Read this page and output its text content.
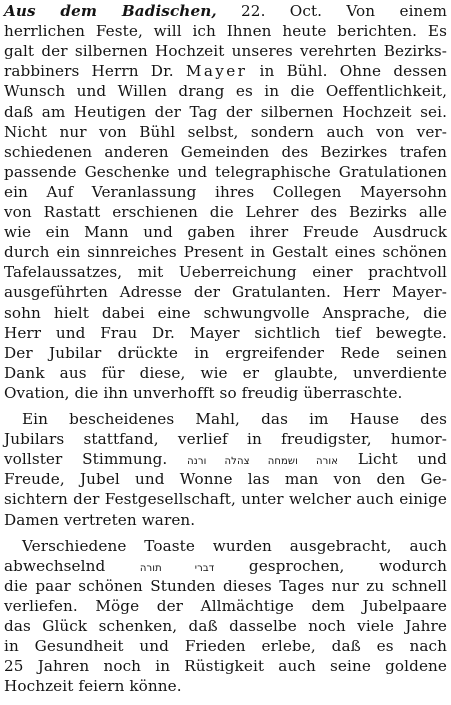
Aus dem Badischen, 22. Oct. Von einem
herrlichen Feste, will ich Ihnen heute berichten. Es
galt der silbernen Hochzeit unseres verehrten Bezirks-
rabbiners Herrn Dr. Mayer in Bühl. Ohne dessen
Wunsch und Willen drang es in die Oeffentlichkeit,
daß am Heutigen der Tag der silbernen Hochzeit sei.
Nicht nur von Bühl selbst, sondern auch von ver-
schiedenen anderen Gemeinden des Bezirkes trafen
passende Geschenke und telegraphische Gratulationen
ein Auf Veranlassung ihres Collegen Mayersohn
von Rastatt erschienen die Lehrer des Bezirks alle
wie ein Mann und gaben ihrer Freude Ausdruck
durch ein sinnreiches Present in Gestalt eines schönen
Tafelaussatzes, mit Ueberreichung einer prachtvoll
ausgeführten Adresse der Gratulanten. Herr Mayer-
sohn hielt dabei eine schwungvolle Ansprache, die
Herr und Frau Dr. Mayer sichtlich tief bewegte.
Der Jubilar drückte in ergreifender Rede seinen
Dank aus für diese, wie er glaubte, unverdiente
Ovation, die ihn unverhofft so freudig überraschte.
Ein bescheidenes Mahl, das im Hause des
Jubilars stattfand, verlief in freudigster, humor-
vollster Stimmung. אורה ושמחה צהלה ורנה Licht und
Freude, Jubel und Wonne las man von den Ge-
sichtern der Festgesellschaft, unter welcher auch einige
Damen vertreten waren.
Verschiedene Toaste wurden ausgebracht, auch
abwechselnd	דברי תורה gesprochen, wodurch
die paar schönen Stunden dieses Tages nur zu schnell
verliefen. Möge der Allmächtige dem Jubelpaare
das Glück schenken, daß dasselbe noch viele Jahre
in Gesundheit und Frieden erlebe, daß es nach
25 Jahren noch in Rüstigkeit auch seine goldene
Hochzeit feiern könne.
